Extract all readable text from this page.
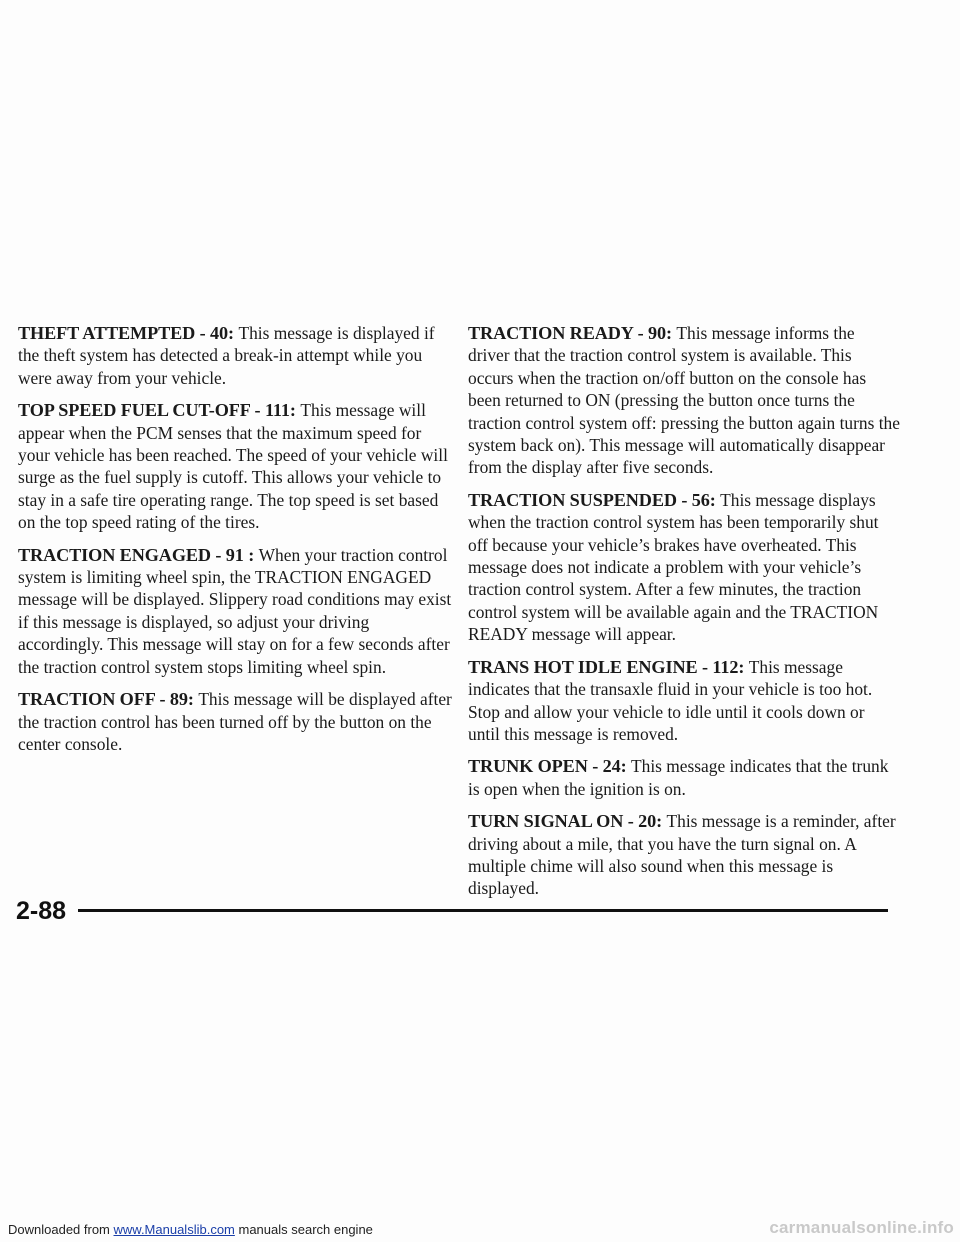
THEFT ATTEMPTED - 40: This message is displayed if the theft system has detected a break-in attempt while you were away from your vehicle.

TOP SPEED FUEL CUT-OFF - 111: This message will appear when the PCM senses that the maximum speed for your vehicle has been reached. The speed of your vehicle will surge as the fuel supply is cutoff. This allows your vehicle to stay in a safe tire operating range. The top speed is set based on the top speed rating of the tires.

TRACTION ENGAGED - 91 : When your traction control system is limiting wheel spin, the TRACTION ENGAGED message will be displayed. Slippery road conditions may exist if this message is displayed, so adjust your driving accordingly. This message will stay on for a few seconds after the traction control system stops limiting wheel spin.

TRACTION OFF - 89: This message will be displayed after the traction control has been turned off by the button on the center console.

TRACTION READY - 90: This message informs the driver that the traction control system is available. This occurs when the traction on/off button on the console has been returned to ON (pressing the button once turns the traction control system off: pressing the button again turns the system back on). This message will automatically disappear from the display after five seconds.

TRACTION SUSPENDED - 56: This message displays when the traction control system has been temporarily shut off because your vehicle’s brakes have overheated. This message does not indicate a problem with your vehicle’s traction control system. After a few minutes, the traction control system will be available again and the TRACTION READY message will appear.

TRANS HOT IDLE ENGINE - 112: This message indicates that the transaxle fluid in your vehicle is too hot. Stop and allow your vehicle to idle until it cools down or until this message is removed.

TRUNK OPEN - 24: This message indicates that the trunk is open when the ignition is on.

TURN SIGNAL ON - 20: This message is a reminder, after driving about a mile, that you have the turn signal on. A multiple chime will also sound when this message is displayed.

2-88

Downloaded from www.Manualslib.com manuals search engine	carmanualsonline.info
